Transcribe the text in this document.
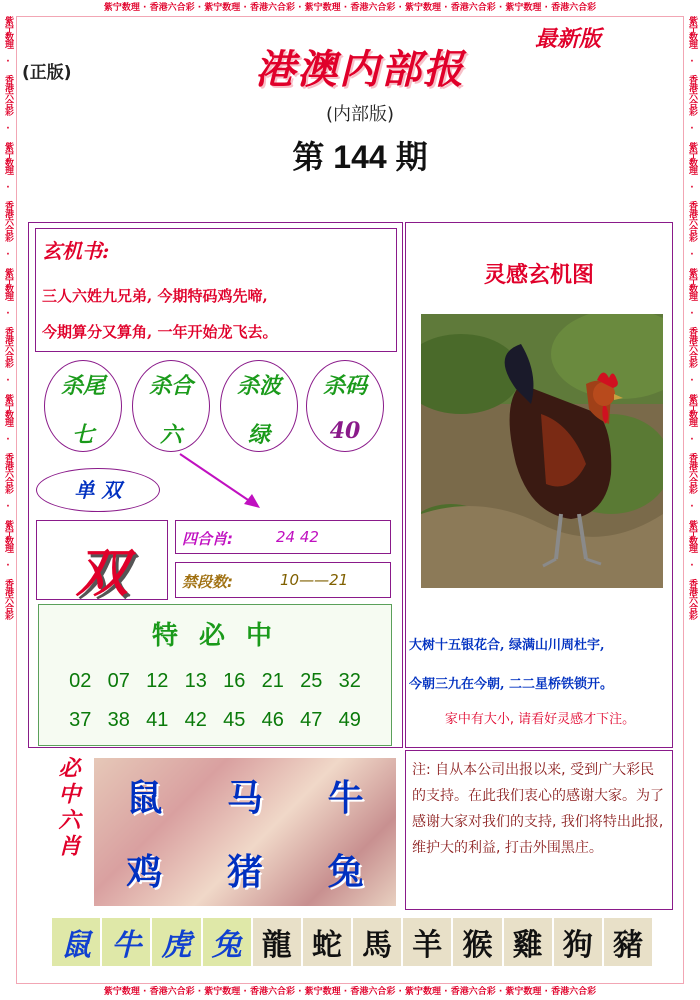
紫宁数理 · 香港六合彩 · 紫宁数理 · 香港六合彩 · 紫宁数理 · 香港六合彩 · 紫宁数理 · 香港六合彩 · 紫宁数理 · 香港六合彩
紫宁数理 · 香港六合彩 · 紫宁数理 · 香港六合彩 · 紫宁数理 · 香港六合彩 · 紫宁数理 · 香港六合彩 · 紫宁数理 · 香港六合彩
紫宁数理 · 香港六合彩 · 紫宁数理 · 香港六合彩 · 紫宁数理 · 香港六合彩 · 紫宁数理 · 香港六合彩 · 紫宁数理 · 香港六合彩	紫宁数理 · 香港六合彩 · 紫宁数理 · 香港六合彩 · 紫宁数理 · 香港六合彩 · 紫宁数理 · 香港六合彩 · 紫宁数理 · 香港六合彩
(正版)
最新版
港澳内部报
(内部版)
第 144 期
玄机书:
三人六姓九兄弟, 今期特码鸡先啼,
今期算分又算角, 一年开始龙飞去。
杀尾
七
杀合
六
杀波
绿
杀码
40
单 双
双
四合肖:	24 42
禁段数:	10——21
特 必 中
02 07 12 13 16 21 25 32
37 38 41 42 45 46 47 49
必中六肖	鼠	马	牛
鸡	猪	兔
灵感玄机图
大树十五银花合, 绿满山川周杜宇,
今朝三九在今朝, 二二星桥铁锁开。
家中有大小, 请看好灵感才下注。
注: 自从本公司出报以来, 受到广大彩民的支持。在此我们衷心的感谢大家。为了感谢大家对我们的支持, 我们将特出此报, 维护大的利益, 打击外围黑庄。
鼠 牛 虎 兔 龍 蛇 馬 羊 猴 雞 狗 豬
